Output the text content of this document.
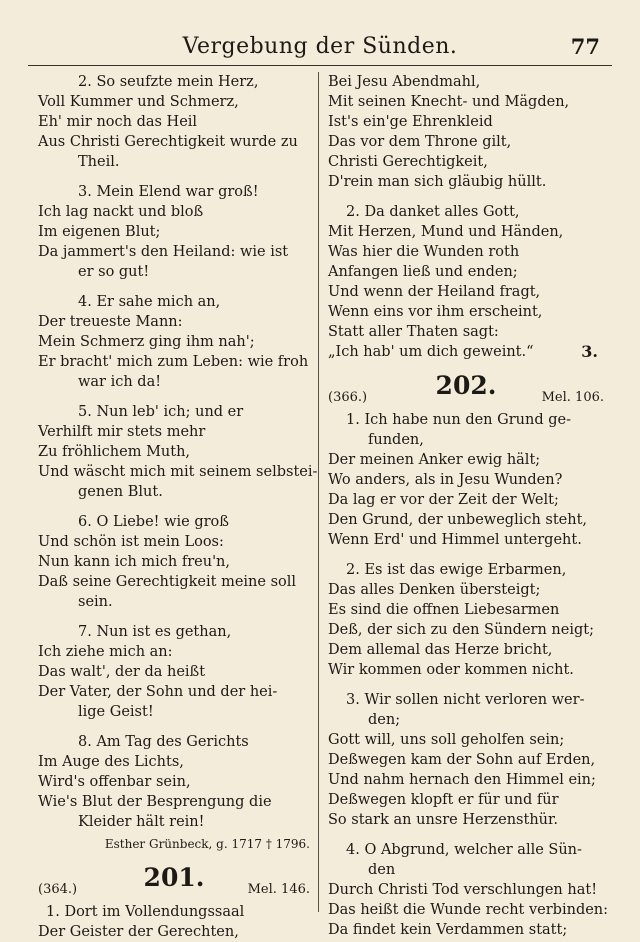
Vergebung der Sünden.	77
2. So seufzte mein Herz,
Voll Kummer und Schmerz,
Eh' mir noch das Heil
Aus Christi Gerechtigkeit wurde zu
Theil.
3. Mein Elend war groß!
Ich lag nackt und bloß
Im eigenen Blut;
Da jammert's den Heiland: wie ist
er so gut!
4. Er sahe mich an,
Der treueste Mann:
Mein Schmerz ging ihm nah';
Er bracht' mich zum Leben: wie froh
war ich da!
5. Nun leb' ich; und er
Verhilft mir stets mehr
Zu fröhlichem Muth,
Und wäscht mich mit seinem selbstei-
genen Blut.
6. O Liebe! wie groß
Und schön ist mein Loos:
Nun kann ich mich freu'n,
Daß seine Gerechtigkeit meine soll
sein.
7. Nun ist es gethan,
Ich ziehe mich an:
Das walt', der da heißt
Der Vater, der Sohn und der hei-
lige Geist!
8. Am Tag des Gerichts
Im Auge des Lichts,
Wird's offenbar sein,
Wie's Blut der Besprengung die
Kleider hält rein!
Esther Grünbeck, g. 1717 † 1796.
(364.)	201.	Mel. 146.
1. Dort im Vollendungssaal
Der Geister der Gerechten,
Bei Jesu Abendmahl,
Mit seinen Knecht- und Mägden,
Ist's ein'ge Ehrenkleid
Das vor dem Throne gilt,
Christi Gerechtigkeit,
D'rein man sich gläubig hüllt.
2. Da danket alles Gott,
Mit Herzen, Mund und Händen,
Was hier die Wunden roth
Anfangen ließ und enden;
Und wenn der Heiland fragt,
Wenn eins vor ihm erscheint,
Statt aller Thaten sagt:
„Ich hab' um dich geweint.“	3.
(366.)	202.	Mel. 106.
1. Ich habe nun den Grund ge-
funden,
Der meinen Anker ewig hält;
Wo anders, als in Jesu Wunden?
Da lag er vor der Zeit der Welt;
Den Grund, der unbeweglich steht,
Wenn Erd' und Himmel untergeht.
2. Es ist das ewige Erbarmen,
Das alles Denken übersteigt;
Es sind die offnen Liebesarmen
Deß, der sich zu den Sündern neigt;
Dem allemal das Herze bricht,
Wir kommen oder kommen nicht.
3. Wir sollen nicht verloren wer-
den;
Gott will, uns soll geholfen sein;
Deßwegen kam der Sohn auf Erden,
Und nahm hernach den Himmel ein;
Deßwegen klopft er für und für
So stark an unsre Herzensthür.
4. O Abgrund, welcher alle Sün-
den
Durch Christi Tod verschlungen hat!
Das heißt die Wunde recht verbinden:
Da findet kein Verdammen statt;
